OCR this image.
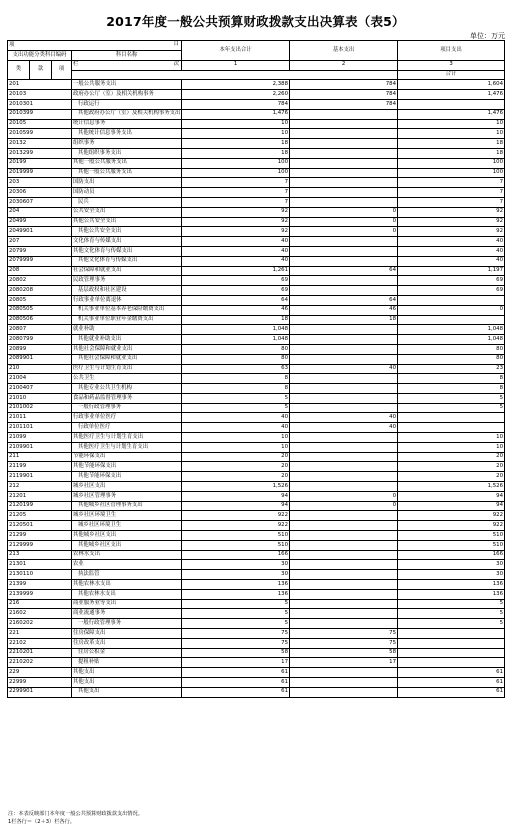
2017年度一般公共预算财政拨款支出决算表（表5）
单位：万元
项 目				本年支出合计	基本支出	项目支出	
支出功能分类科目编码			科目名称				
类	款	项	栏 次	1	2	3	
						合计			
201			一般公共服务支出	2,388	784	1,604	
20103			政府办公厅（室）及相关机构事务	2,260	784	1,476	
2010301			行政运行	784	784		
2010399			其他政府办公厅（室）及相关机构事务支出	1,476		1,476	
20105			统计信息事务	10		10	
2010599			其他统计信息事务支出	10		10	
20132			组织事务	18		18	
2013299			其他组织事务支出	18		18	
20199			其他一般公共服务支出	100		100	
2019999			其他一般公共服务支出	100		100	
203			国防支出	7		7	
20306			国防动员	7		7	
2030607			民兵	7		7	
204			公共安全支出	92	0	92	
20499			其他公共安全支出	92	0	92	
2049901			其他公共安全支出	92	0	92	
207			文化体育与传媒支出	40		40	
20799			其他文化体育与传媒支出	40		40	
2079999			其他文化体育与传媒支出	40		40	
208			社会保障和就业支出	1,261	64	1,197	
20802			民政管理事务	69		69	
2080208			基层政权和社区建设	69		69	
20805			行政事业单位离退休	64	64		
2080505			机关事业单位基本养老保险缴费支出	46	46	0	
2080506			机关事业单位职业年金缴费支出	18	18		
20807			就业补助	1,048		1,048	
2080799			其他就业补助支出	1,048		1,048	
20899			其他社会保障和就业支出	80		80	
2089901			其他社会保障和就业支出	80		80	
210			医疗卫生与计划生育支出	63	40	23	
21004			公共卫生	8		8	
2100407			其他专业公共卫生机构	8		8	
21010			食品和药品监督管理事务	5		5	
2101002			一般行政管理事务	5		5	
21011			行政事业单位医疗	40	40		
2101101			行政单位医疗	40	40		
21099			其他医疗卫生与计划生育支出	10		10	
2109901			其他医疗卫生与计划生育支出	10		10	
211			节能环保支出	20		20	
21199			其他节能环保支出	20		20	
2119901			其他节能环保支出	20		20	
212			城乡社区支出	1,526		1,526	
21201			城乡社区管理事务	94	0	94	
2120199			其他城乡社区管理事务支出	94	0	94	
21205			城乡社区环境卫生	922		922	
2120501			城乡社区环境卫生	922		922	
21299			其他城乡社区支出	510		510	
2129999			其他城乡社区支出	510		510	
213			农林水支出	166		166	
21301			农业	30		30	
2130110			执法监管	30		30	
21399			其他农林水支出	136		136	
2139999			其他农林水支出	136		136	
216			商业服务业等支出	5		5	
21602			商业流通事务	5		5	
2160202			一般行政管理事务	5		5	
221			住房保障支出	75	75		
22102			住房改革支出	75	75		
2210201			住房公积金	58	58		
2210202			提租补贴	17	17		
229			其他支出	61		61	
22999			其他支出	61		61	
2299901			其他支出	61		61	
注：本表反映部门本年度一般公共预算财政拨款支出情况。
1栏各行＝（2＋3）栏各行。
